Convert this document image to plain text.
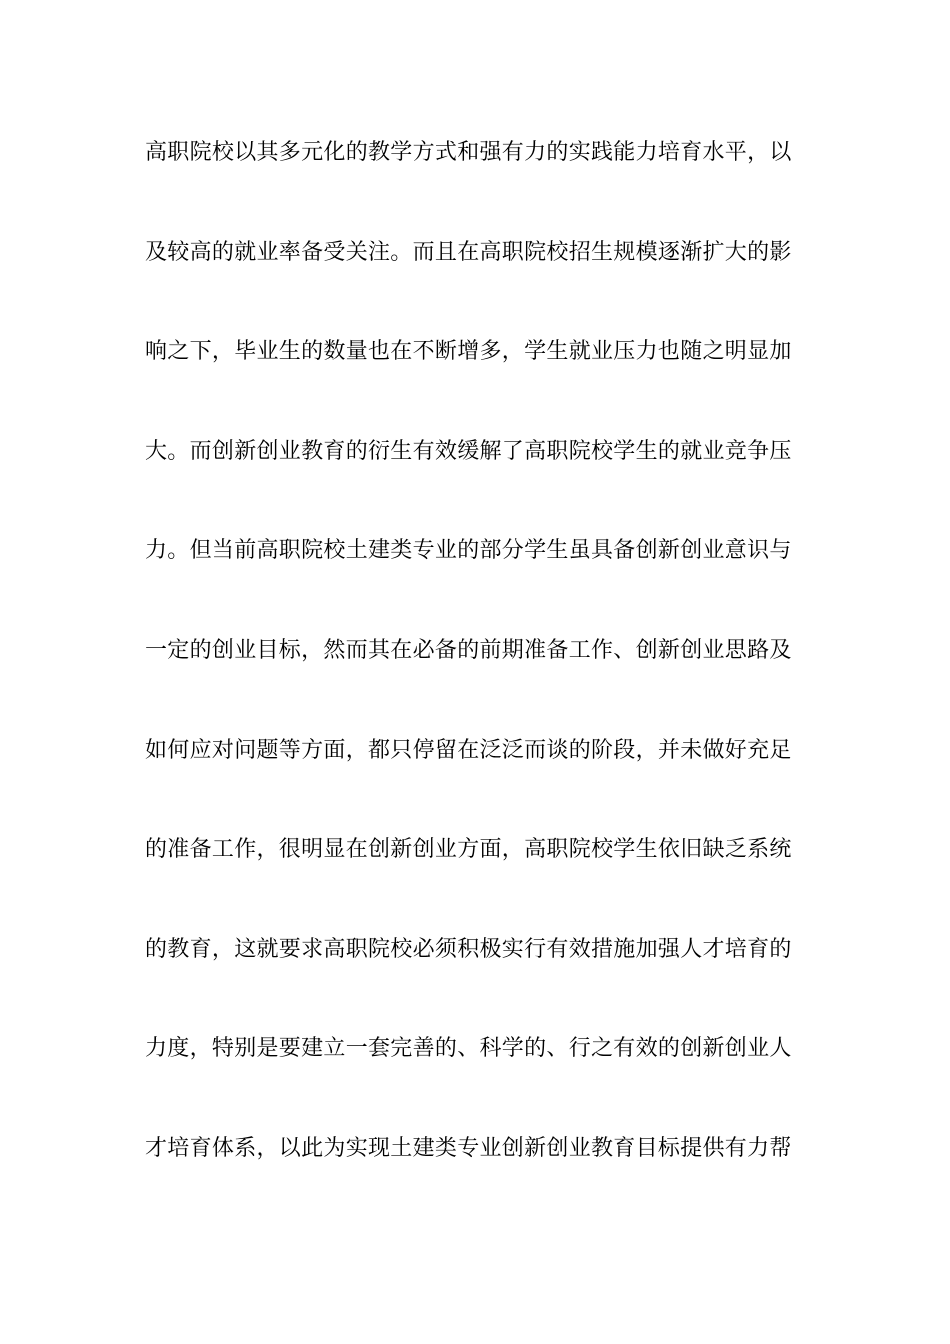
高职院校以其多元化的教学方式和强有力的实践能力培育水平，以
及较高的就业率备受关注。而且在高职院校招生规模逐渐扩大的影
响之下，毕业生的数量也在不断增多，学生就业压力也随之明显加
大。而创新创业教育的衍生有效缓解了高职院校学生的就业竞争压
力。但当前高职院校土建类专业的部分学生虽具备创新创业意识与
一定的创业目标，然而其在必备的前期准备工作、创新创业思路及
如何应对问题等方面，都只停留在泛泛而谈的阶段，并未做好充足
的准备工作，很明显在创新创业方面，高职院校学生依旧缺乏系统
的教育，这就要求高职院校必须积极实行有效措施加强人才培育的
力度，特别是要建立一套完善的、科学的、行之有效的创新创业人
才培育体系，以此为实现土建类专业创新创业教育目标提供有力帮
